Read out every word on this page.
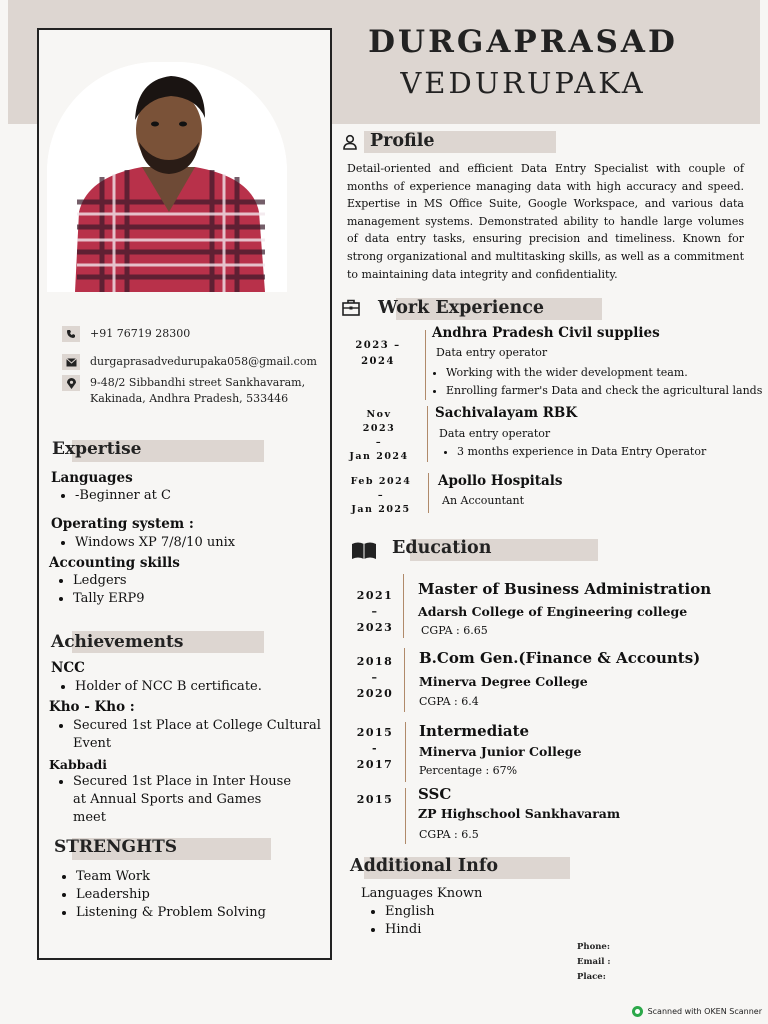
DURGAPRASAD
VEDURUPAKA
+91 76719 28300
durgaprasadvedurupaka058@gmail.com
9-48/2 Sibbandhi street Sankhavaram,
Kakinada, Andhra Pradesh, 533446
Expertise
Languages
• -Beginner at C
Operating system :
• Windows XP 7/8/10 unix
Accounting skills
• Ledgers
• Tally ERP9
Achievements
NCC
• Holder of NCC B certificate.
Kho - Kho :
• Secured 1st Place at College Cultural
Event
Kabbadi
• Secured 1st Place in Inter House
at Annual Sports and Games
meet
STRENGHTS
• Team Work
• Leadership
• Listening & Problem Solving
Profile
Detail-oriented and efficient Data Entry Specialist with couple of months of experience managing data with high accuracy and speed. Expertise in MS Office Suite, Google Workspace, and various data management systems. Demonstrated ability to handle large volumes of data entry tasks, ensuring precision and timeliness. Known for strong organizational and multitasking skills, as well as a commitment to maintaining data integrity and confidentiality.
Work Experience
2023 –
2024
Andhra Pradesh Civil supplies
Data entry operator
• Working with the wider development team.
• Enrolling farmer's Data and check the agricultural lands
Nov 2023
–
Jan 2024
Sachivalayam RBK
Data entry operator
• 3 months experience in Data Entry Operator
Feb 2024
–
Jan 2025
Apollo Hospitals
An Accountant
Education
2021
–
2023
Master of Business Administration
Adarsh College of Engineering college
CGPA : 6.65
2018
–
2020
B.Com Gen.(Finance & Accounts)
Minerva Degree College
CGPA : 6.4
2015
-
2017
Intermediate
Minerva Junior College
Percentage : 67%
2015	SSC
ZP Highschool Sankhavaram
CGPA : 6.5
Additional Info
Languages Known
• English
• Hindi
Phone:
Email :
Place:
Scanned with OKEN Scanner
